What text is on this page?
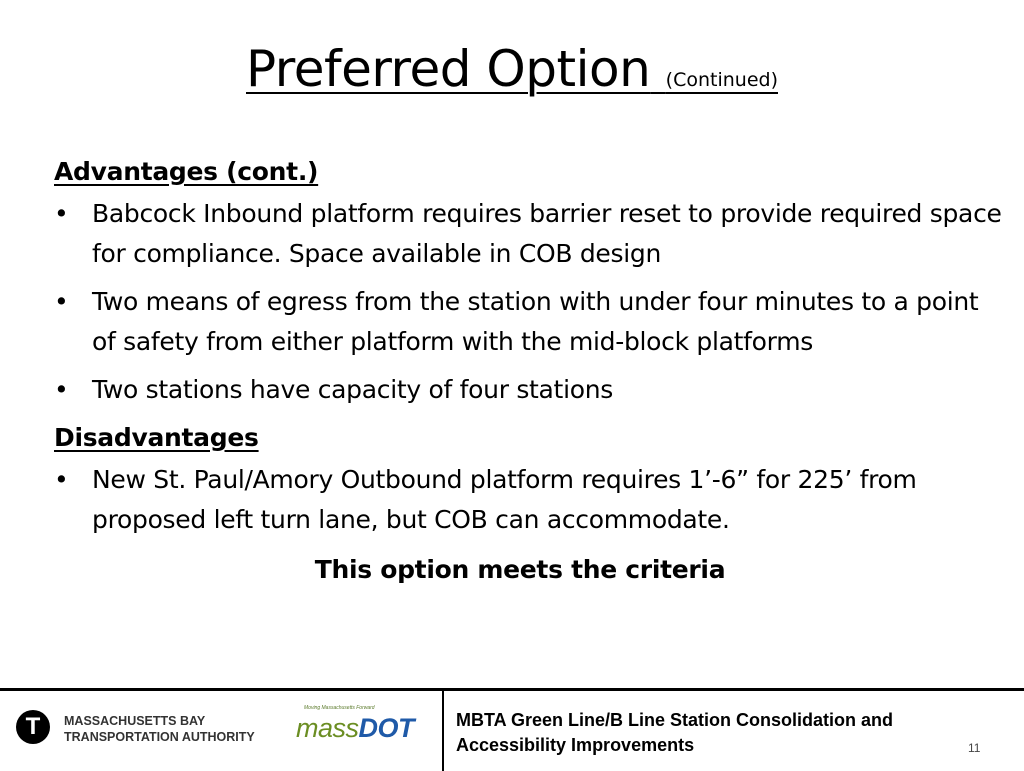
Preferred Option (Continued)
Advantages (cont.)
• Babcock Inbound platform requires barrier reset to provide required space for compliance. Space available in COB design
• Two means of egress from the station with under four minutes to a point of safety from either platform with the mid-block platforms
• Two stations have capacity of four stations
Disadvantages
• New St. Paul/Amory Outbound platform requires 1’-6” for 225’ from proposed left turn lane, but COB can accommodate.
This option meets the criteria
T	MASSACHUSETTS BAY
TRANSPORTATION AUTHORITY
Moving Massachusetts Forward
massDOT MBTA Green Line/B Line Station Consolidation and
Accessibility Improvements	11
